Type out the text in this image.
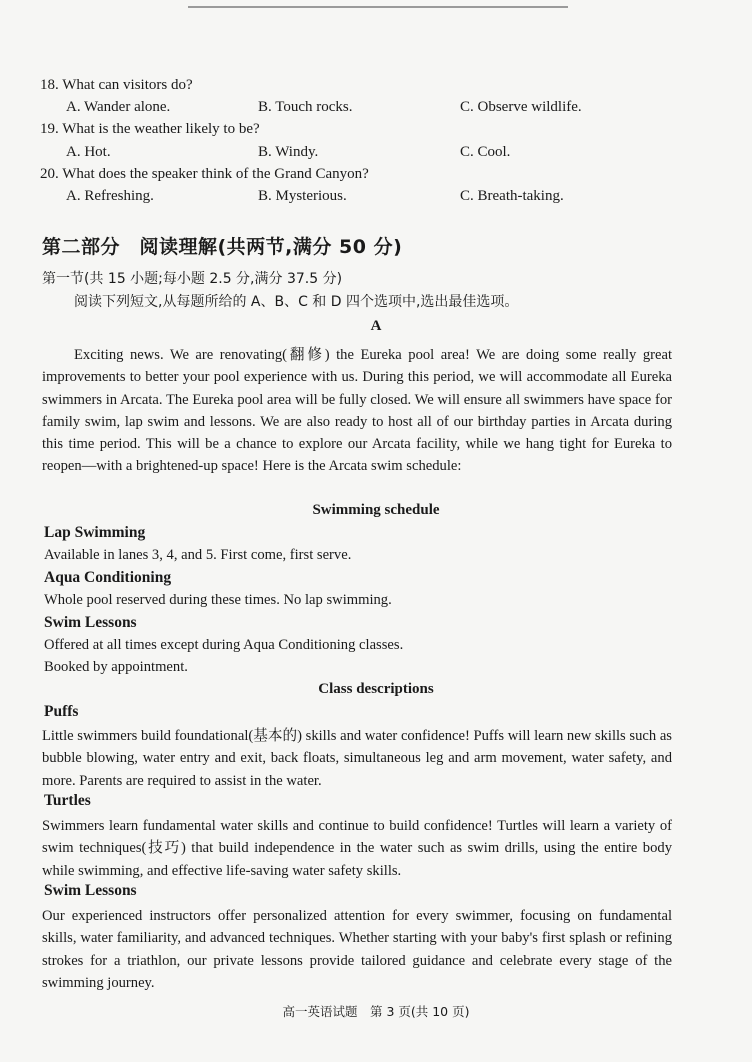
18. What can visitors do?
A. Wander alone.	B. Touch rocks.	C. Observe wildlife.
19. What is the weather likely to be?
A. Hot.	B. Windy.	C. Cool.
20. What does the speaker think of the Grand Canyon?
A. Refreshing.	B. Mysterious.	C. Breath-taking.
第二部分　阅读理解(共两节,满分 50 分)
第一节(共 15 小题;每小题 2.5 分,满分 37.5 分)
阅读下列短文,从每题所给的 A、B、C 和 D 四个选项中,选出最佳选项。
A

Exciting news. We are renovating(翻修) the Eureka pool area! We are doing some really great improvements to better your pool experience with us. During this period, we will accommodate all Eureka swimmers in Arcata. The Eureka pool area will be fully closed. We will ensure all swimmers have space for family swim, lap swim and lessons. We are also ready to host all of our birthday parties in Arcata during this time period. This will be a chance to explore our Arcata facility, while we hang tight for Eureka to reopen—with a brightened-up space! Here is the Arcata swim schedule:

Swimming schedule
Lap Swimming
Available in lanes 3, 4, and 5. First come, first serve.
Aqua Conditioning
Whole pool reserved during these times. No lap swimming.
Swim Lessons
Offered at all times except during Aqua Conditioning classes.
Booked by appointment.
Class descriptions
Puffs

Little swimmers build foundational(基本的) skills and water confidence! Puffs will learn new skills such as bubble blowing, water entry and exit, back floats, simultaneous leg and arm movement, water safety, and more. Parents are required to assist in the water.

Turtles

Swimmers learn fundamental water skills and continue to build confidence! Turtles will learn a variety of swim techniques(技巧) that build independence in the water such as swim drills, using the entire body while swimming, and effective life-saving water safety skills.

Swim Lessons

Our experienced instructors offer personalized attention for every swimmer, focusing on fundamental skills, water familiarity, and advanced techniques. Whether starting with your baby's first splash or refining strokes for a triathlon, our private lessons provide tailored guidance and celebrate every stage of the swimming journey.

高一英语试题　第 3 页(共 10 页)
